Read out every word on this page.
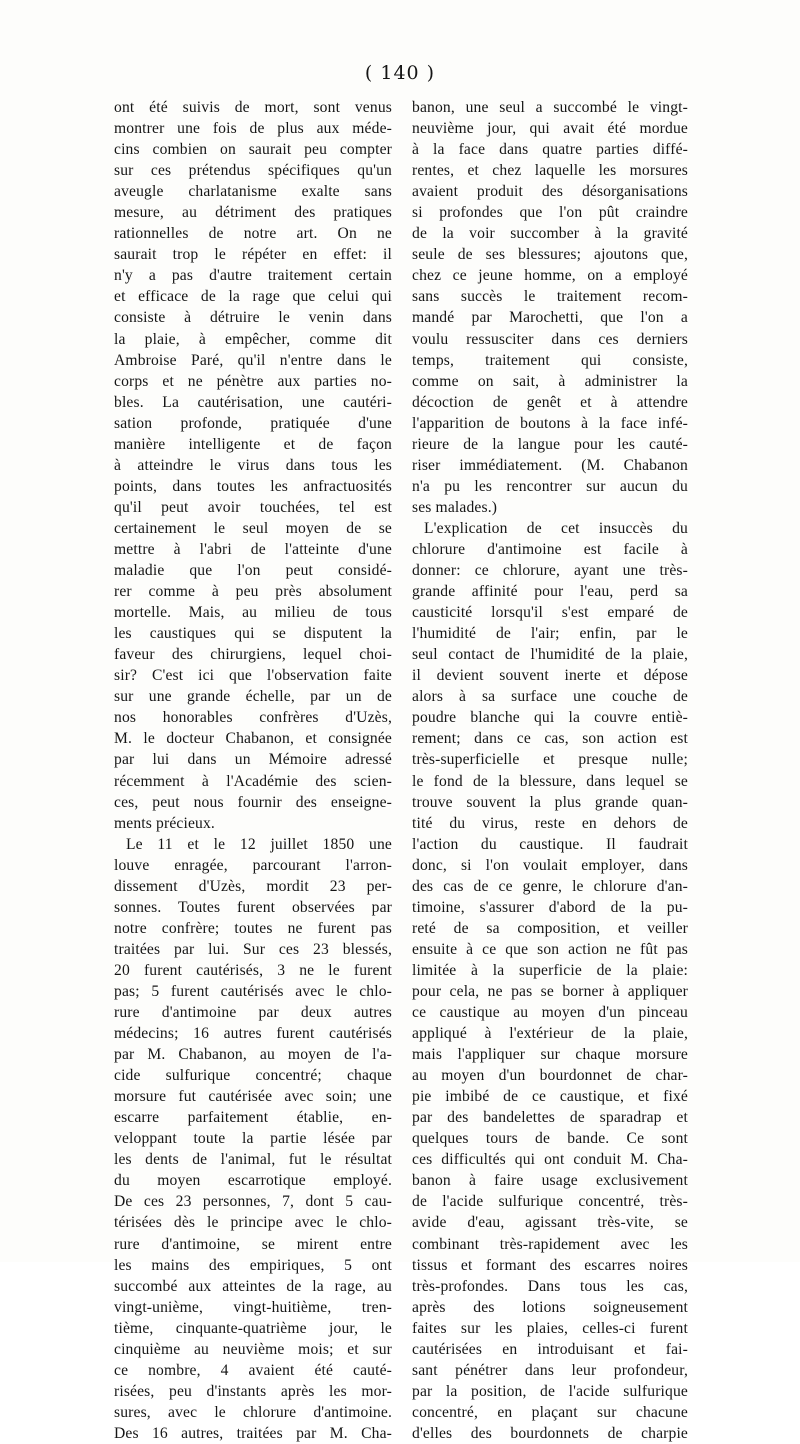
( 140 )
ont été suivis de mort, sont venus
montrer une fois de plus aux méde-
cins combien on saurait peu compter
sur ces prétendus spécifiques qu'un
aveugle charlatanisme exalte sans
mesure, au détriment des pratiques
rationnelles de notre art. On ne
saurait trop le répéter en effet: il
n'y a pas d'autre traitement certain
et efficace de la rage que celui qui
consiste à détruire le venin dans
la plaie, à empêcher, comme dit
Ambroise Paré, qu'il n'entre dans le
corps et ne pénètre aux parties no-
bles. La cautérisation, une cautéri-
sation profonde, pratiquée d'une
manière intelligente et de façon
à atteindre le virus dans tous les
points, dans toutes les anfractuosités
qu'il peut avoir touchées, tel est
certainement le seul moyen de se
mettre à l'abri de l'atteinte d'une
maladie que l'on peut considé-
rer comme à peu près absolument
mortelle. Mais, au milieu de tous
les caustiques qui se disputent la
faveur des chirurgiens, lequel choi-
sir? C'est ici que l'observation faite
sur une grande échelle, par un de
nos honorables confrères d'Uzès,
M. le docteur Chabanon, et consignée
par lui dans un Mémoire adressé
récemment à l'Académie des scien-
ces, peut nous fournir des enseigne-
ments précieux.
Le 11 et le 12 juillet 1850 une
louve enragée, parcourant l'arron-
dissement d'Uzès, mordit 23 per-
sonnes. Toutes furent observées par
notre confrère; toutes ne furent pas
traitées par lui. Sur ces 23 blessés,
20 furent cautérisés, 3 ne le furent
pas; 5 furent cautérisés avec le chlo-
rure d'antimoine par deux autres
médecins; 16 autres furent cautérisés
par M. Chabanon, au moyen de l'a-
cide sulfurique concentré; chaque
morsure fut cautérisée avec soin; une
escarre parfaitement établie, en-
veloppant toute la partie lésée par
les dents de l'animal, fut le résultat
du moyen escarrotique employé.
De ces 23 personnes, 7, dont 5 cau-
térisées dès le principe avec le chlo-
rure d'antimoine, se mirent entre
les mains des empiriques, 5 ont
succombé aux atteintes de la rage, au
vingt-unième, vingt-huitième, tren-
tième, cinquante-quatrième jour, le
cinquième au neuvième mois; et sur
ce nombre, 4 avaient été cauté-
risées, peu d'instants après les mor-
sures, avec le chlorure d'antimoine.
Des 16 autres, traitées par M. Cha-
banon, une seul a succombé le vingt-
neuvième jour, qui avait été mordue
à la face dans quatre parties diffé-
rentes, et chez laquelle les morsures
avaient produit des désorganisations
si profondes que l'on pût craindre
de la voir succomber à la gravité
seule de ses blessures; ajoutons que,
chez ce jeune homme, on a employé
sans succès le traitement recom-
mandé par Marochetti, que l'on a
voulu ressusciter dans ces derniers
temps, traitement qui consiste,
comme on sait, à administrer la
décoction de genêt et à attendre
l'apparition de boutons à la face infé-
rieure de la langue pour les cauté-
riser immédiatement. (M. Chabanon
n'a pu les rencontrer sur aucun du
ses malades.)
L'explication de cet insuccès du
chlorure d'antimoine est facile à
donner: ce chlorure, ayant une très-
grande affinité pour l'eau, perd sa
causticité lorsqu'il s'est emparé de
l'humidité de l'air; enfin, par le
seul contact de l'humidité de la plaie,
il devient souvent inerte et dépose
alors à sa surface une couche de
poudre blanche qui la couvre entiè-
rement; dans ce cas, son action est
très-superficielle et presque nulle;
le fond de la blessure, dans lequel se
trouve souvent la plus grande quan-
tité du virus, reste en dehors de
l'action du caustique. Il faudrait
donc, si l'on voulait employer, dans
des cas de ce genre, le chlorure d'an-
timoine, s'assurer d'abord de la pu-
reté de sa composition, et veiller
ensuite à ce que son action ne fût pas
limitée à la superficie de la plaie:
pour cela, ne pas se borner à appliquer
ce caustique au moyen d'un pinceau
appliqué à l'extérieur de la plaie,
mais l'appliquer sur chaque morsure
au moyen d'un bourdonnet de char-
pie imbibé de ce caustique, et fixé
par des bandelettes de sparadrap et
quelques tours de bande. Ce sont
ces difficultés qui ont conduit M. Cha-
banon à faire usage exclusivement
de l'acide sulfurique concentré, très-
avide d'eau, agissant très-vite, se
combinant très-rapidement avec les
tissus et formant des escarres noires
très-profondes. Dans tous les cas,
après des lotions soigneusement
faites sur les plaies, celles-ci furent
cautérisées en introduisant et fai-
sant pénétrer dans leur profondeur,
par la position, de l'acide sulfurique
concentré, en plaçant sur chacune
d'elles des bourdonnets de charpie
